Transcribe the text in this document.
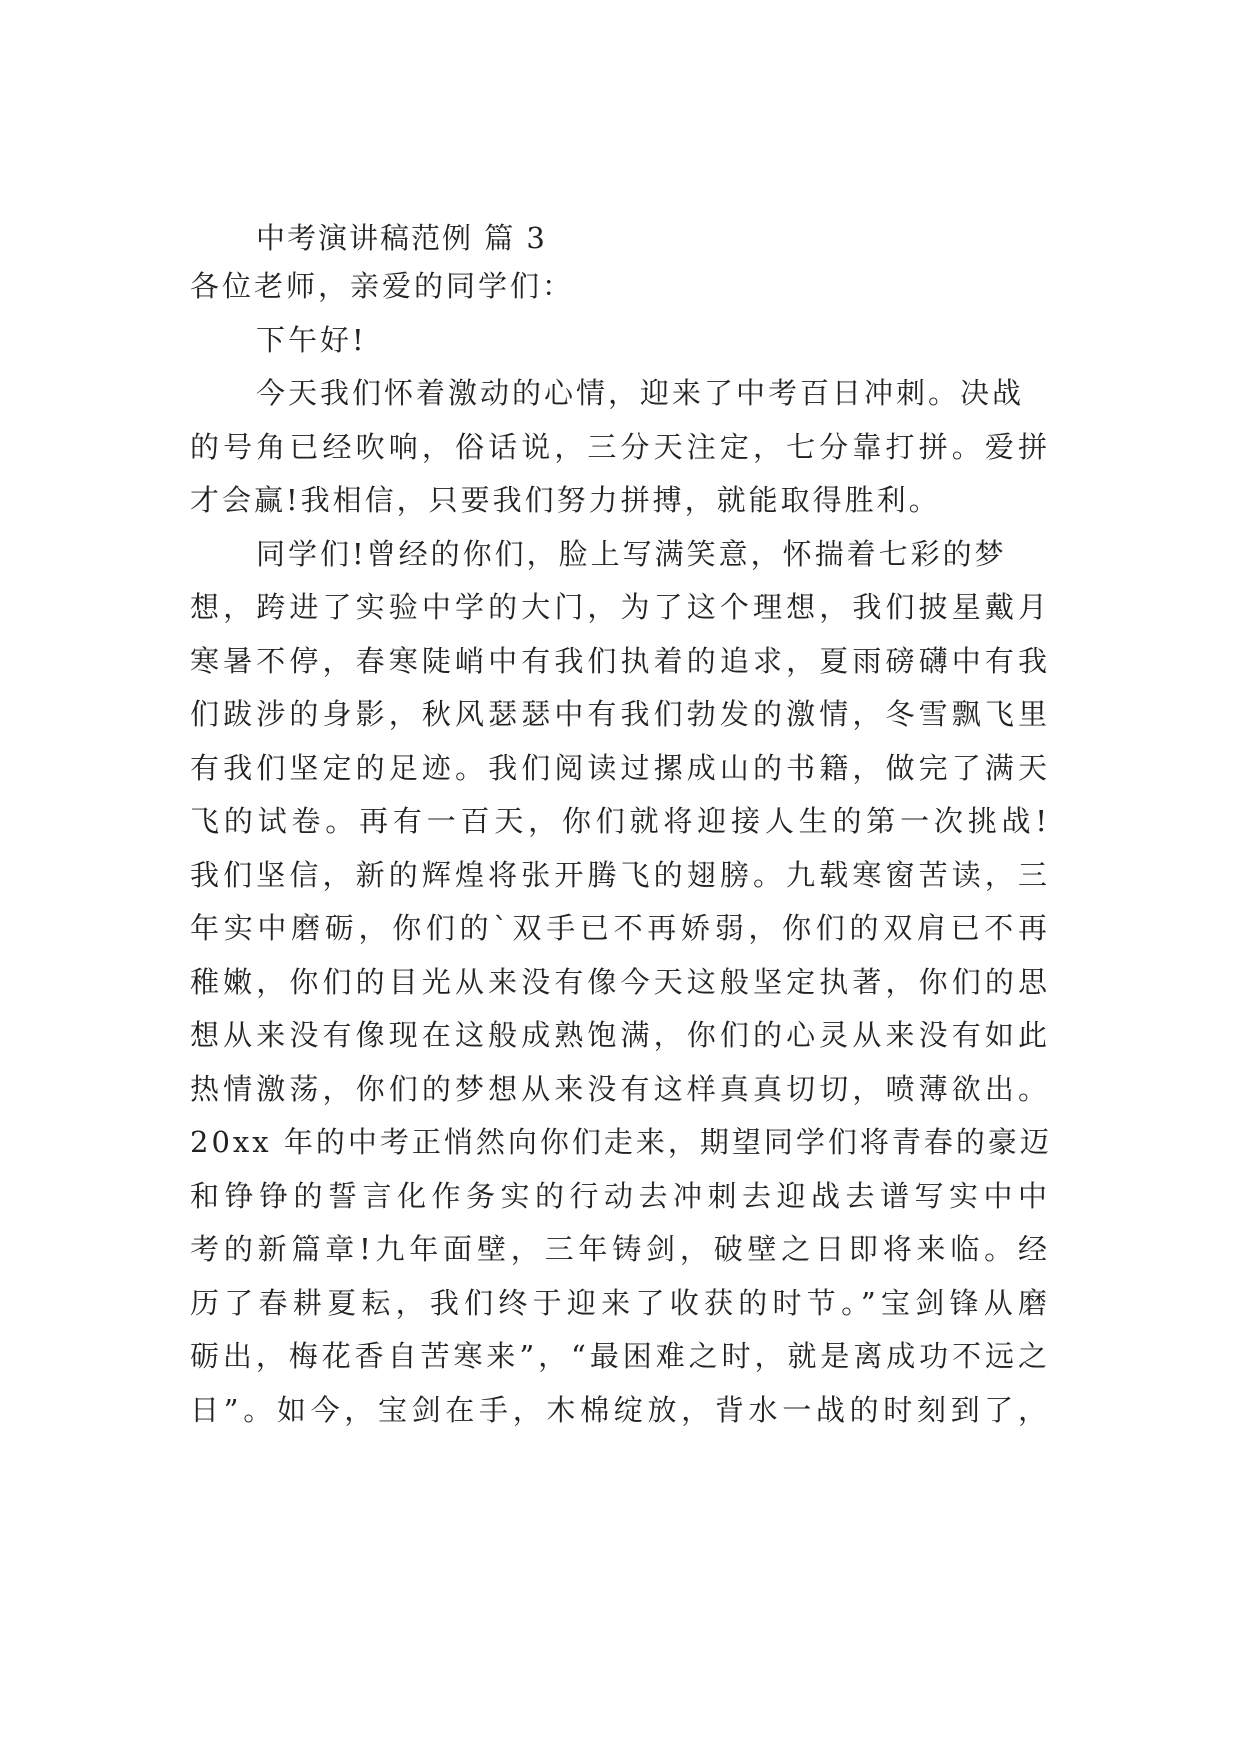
中考演讲稿范例 篇 3
各位老师，亲爱的同学们：
下午好!
今天我们怀着激动的心情，迎来了中考百日冲刺。决战
的号角已经吹响，俗话说，三分天注定，七分靠打拼。爱拼
才会赢!我相信，只要我们努力拼搏，就能取得胜利。
同学们!曾经的你们，脸上写满笑意，怀揣着七彩的梦
想，跨进了实验中学的大门，为了这个理想，我们披星戴月
寒暑不停，春寒陡峭中有我们执着的追求，夏雨磅礴中有我
们跋涉的身影，秋风瑟瑟中有我们勃发的激情，冬雪飘飞里
有我们坚定的足迹。我们阅读过摞成山的书籍，做完了满天
飞的试卷。再有一百天，你们就将迎接人生的第一次挑战!
我们坚信，新的辉煌将张开腾飞的翅膀。九载寒窗苦读，三
年实中磨砺，你们的`双手已不再娇弱，你们的双肩已不再
稚嫩，你们的目光从来没有像今天这般坚定执著，你们的思
想从来没有像现在这般成熟饱满，你们的心灵从来没有如此
热情激荡，你们的梦想从来没有这样真真切切，喷薄欲出。
20xx 年的中考正悄然向你们走来，期望同学们将青春的豪迈
和铮铮的誓言化作务实的行动去冲刺去迎战去谱写实中中
考的新篇章!九年面壁，三年铸剑，破壁之日即将来临。经
历了春耕夏耘，我们终于迎来了收获的时节。”宝剑锋从磨
砺出，梅花香自苦寒来”，“最困难之时，就是离成功不远之
日”。如今，宝剑在手，木棉绽放，背水一战的时刻到了，
